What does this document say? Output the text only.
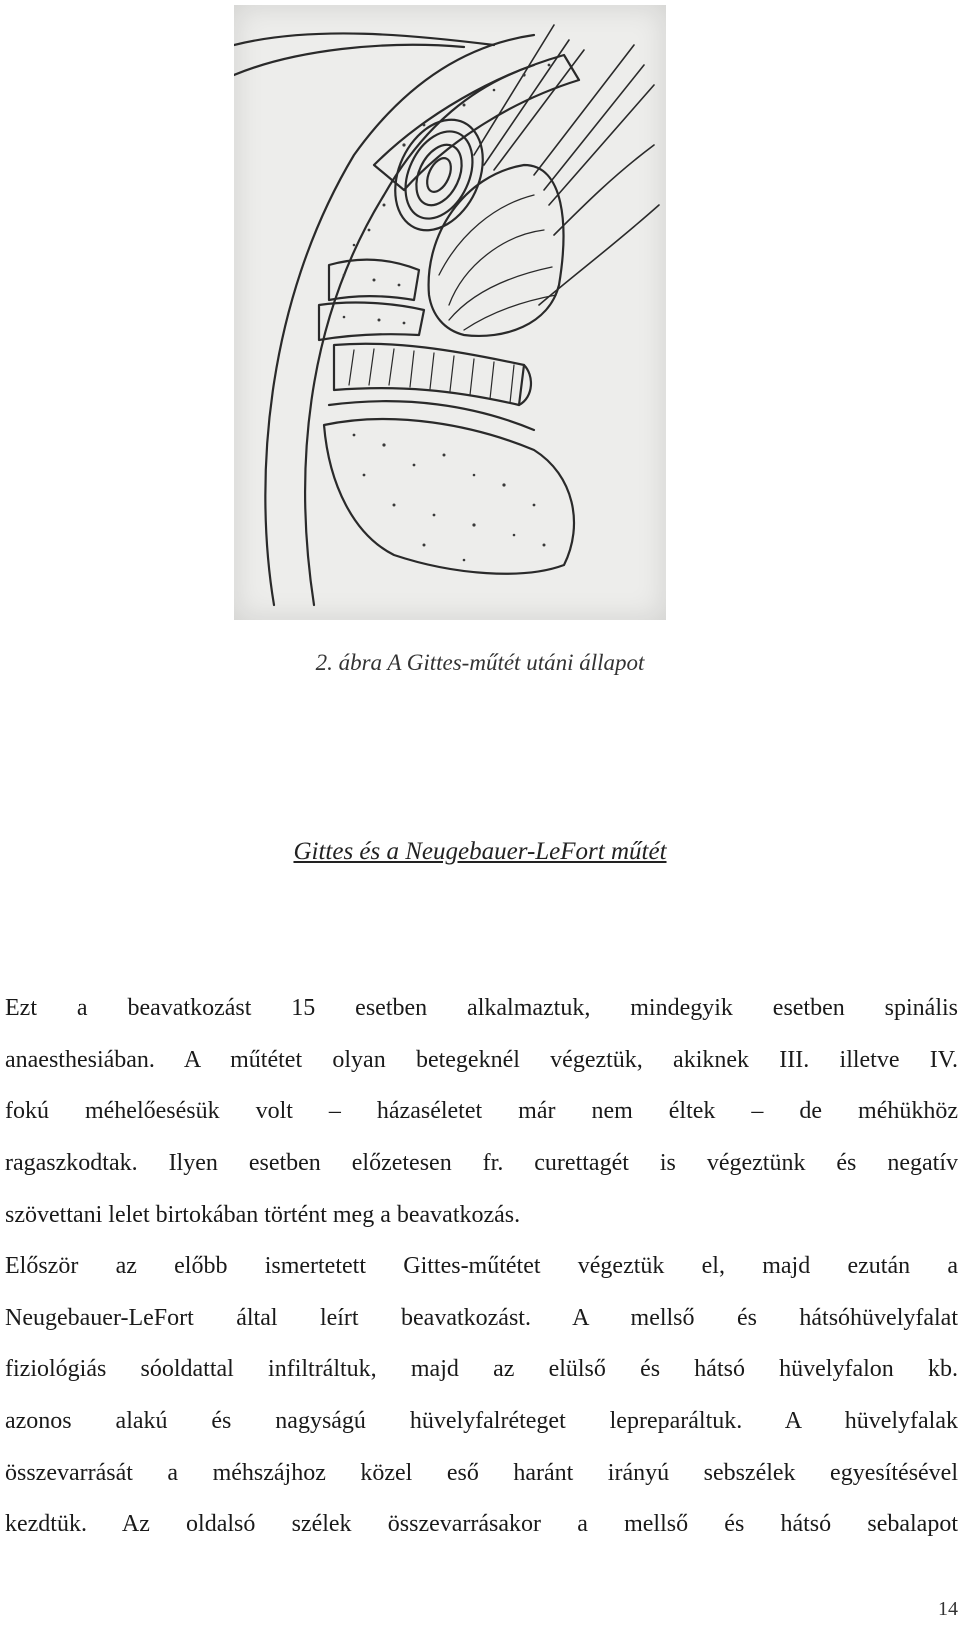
2. ábra A Gittes-műtét utáni állapot
Gittes és a Neugebauer-LeFort műtét
Ezt a beavatkozást 15 esetben alkalmaztuk, mindegyik esetben spinális
anaesthesiában. A műtétet olyan betegeknél végeztük, akiknek III. illetve IV.
fokú méhelőesésük volt – házaséletet már nem éltek – de méhükhöz
ragaszkodtak. Ilyen esetben előzetesen fr. curettagét is végeztünk és negatív
szövettani lelet birtokában történt meg a beavatkozás.
Először az előbb ismertetett Gittes-műtétet végeztük el, majd ezután a
Neugebauer-LeFort által leírt beavatkozást. A mellső és hátsóhüvelyfalat
fiziológiás sóoldattal infiltráltuk, majd az elülső és hátsó hüvelyfalon kb.
azonos alakú és nagyságú hüvelyfalréteget lepreparáltuk. A hüvelyfalak
összevarrását a méhszájhoz közel eső haránt irányú sebszélek egyesítésével
kezdtük. Az oldalsó szélek összevarrásakor a mellső és hátsó sebalapot
14
